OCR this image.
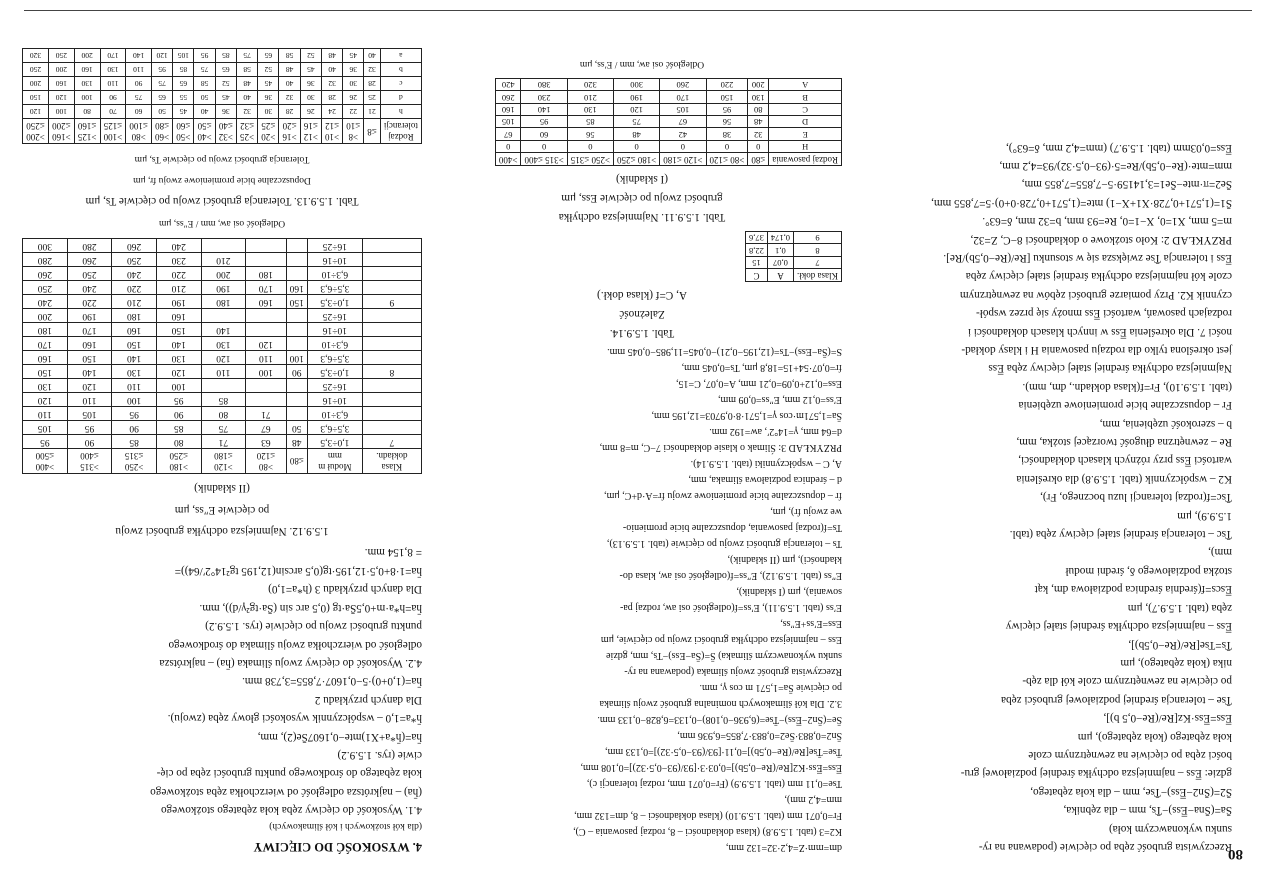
80

Rzeczywista grubość zęba po cięciwie (podawana na ry-

sunku wykonawczym koła)

S̄a=(S̄na−E̅ss)−T̄s, mm – dla zębnika,

S̄2=(S̄n2−E̅ss)−T̄se, mm – dla koła zębatego,

gdzie: E̅ss – najmniejsza odchyłka średniej podziałowej gru-

bości zęba po cięciwie na zewnętrznym czole

koła zębatego (koła zębatego), μm

E̅ss=E̅ss·Kz[Re/(Re−0,5 b)],

T̄se – tolerancja średniej podziałowej grubości zęba

po cięciwie na zewnętrznym czole kół dla zęb-

nika (koła zębatego), μm

T̄s=Tse[Re/(Re−0,5b)],

E̅ss – najmniejsza odchyłka średniej stałej cięciwy

zęba (tabl. 1.5.9.7), μm

E̅scs=f(średnia średnica podziałowa dm, kąt

stożka podziałowego δ, średni moduł

mm),

T̄sc – tolerancja średniej stałej cięciwy zęba (tabl.

1.5.9.9), μm

T̄sc=f(rodzaj tolerancji luzu bocznego, Fr),

K2 – współczynnik (tabl. 1.5.9.8) dla określenia

wartości E̅ss przy różnych klasach dokładności,

Re – zewnętrzna długość tworzącej stożka, mm,

b – szerokość uzębienia, mm,

Fr – dopuszczalne bicie promieniowe uzębienia

(tabl. 1.5.9.10), Fr=f(klasa dokładn., dm, mm).

Najmniejsza odchyłka średniej stałej cięciwy zęba E̅ss

jest określona tylko dla rodzaju pasowania H i klasy dokład-

ności 7. Dla określenia E̅ss w innych klasach dokładności i

rodzajach pasowań, wartości E̅ss mnoży się przez współ-

czynnik K2. Przy pomiarze grubości zębów na zewnętrznym

czole kół najmniejsza odchyłka średniej stałej cięciwy zęba

E̅ss i tolerancja T̄se zwiększa się w stosunku [Re/(Re−0,5b)/Re].

PRZYKŁAD 2: Koło stożkowe o dokładności 8−C, Z=32,

m=5 mm, X1=0, X−1=0, Re=93 mm, b=32 mm, δ=63°.

S̄1=(1,571+0,728·X1+X−1) mte=(1,571+0,728·0+0)·5=7,855 mm,

S̄e2=π·mte−S̄e1=3,14159·5−7,855=7,855 mm,

mm=mte·(Re−0,5b)/Re=5·(93−0,5·32)/93=4,2 mm,

E̅ss=0,03mm (tabl. 1.5.9.7) (mm=4,2 mm, δ=63°),

dm=mm·Z=4,2·32=132 mm,

K2=3 (tabl. 1.5.9.8) (klasa dokładności – 8, rodzaj pasowania – C),

Fr=0,071 mm (tabl. 1.5.9.10) (klasa dokładności – 8, dm=132 mm,

mm=4,2 mm),

Tse=0,11 mm (tabl. 1.5.9.9) (Fr=0,071 mm, rodzaj tolerancji c),

E̅ss=E̅ss·K2[Re/(Re−0,5b)]=0,03·3·[93/(93−0,5·32)]=0,108 mm,

T̄se=T̄se[Re/(Re−0,5b)]=0,11·[93/(93−0,5·32)]=0,133 mm,

S̄n2=0,883·S̄e2=0,883·7,855=6,936 mm,

S̄e=(S̄n2−E̅ss)−T̄se=(6,936−0,108)−0,133=6,828−0,133 mm.

3.2. Dla kół ślimakowych nominalna grubość zwoju ślimaka

po cięciwie S̄a=1,571 m cos γ, mm.

Rzeczywista grubość zwoju ślimaka (podawana na ry-

sunku wykonawczym ślimaka) S̄=(S̄a−Ess)−Ts, mm, gdzie

Ess – najmniejsza odchyłka grubości zwoju po cięciwie, μm

Ess=E′ss+E″ss,

E′ss (tabl. 1.5.9.11), E′ss=f(odległość osi aw, rodzaj pa-

sowania), μm (I składnik),

E″ss (tabl. 1.5.9.12), E″ss=f(odległość osi aw, klasa do-

kładności), μm (II składnik),

Ts – tolerancja grubości zwoju po cięciwie (tabl. 1.5.9.13),

Ts=f(rodzaj pasowania, dopuszczalne bicie promienio-

we zwoju fr), μm,

fr – dopuszczalne bicie promieniowe zwoju fr=A·d+C, μm,

d – średnica podziałowa ślimaka, mm,

A, C – współczynniki (tabl. 1.5.9.14).

PRZYKŁAD 3: Ślimak o klasie dokładności 7−C, m=8 mm,

d=64 mm, γ=14°2′, aw=192 mm.

S̄a=1,571m·cos γ=1,571·8·0,9703=12,195 mm,

E′ss=0,12 mm, E″ss=0,09 mm,

Ess=0,12+0,09=0,21 mm, A=0,07, C=15,

fr=0,07·54+15=18,8 μm, Ts=0,045 mm,

S=(S̄a−Ess)−Ts=(12,195−0,21)−0,045=11,985−0,045 mm.

Tabl. 1.5.9.14.
Zależność
A, C=f (klasa dokł.)
Klasa dokł.	A	C
7	0,07	15
8	0,1	22,8
9	0,174	37,6
Tabl. 1.5.9.11. Najmniejsza odchyłka
grubości zwoju po cięciwie Ess, μm
(I składnik)
Rodzaj pasowania	≤80	>80 ≤120	>120 ≤180	>180 ≤250	>250 ≤315	>315 ≤400	>400
H	0	0	0	0	0	0	0
E	32	38	42	48	56	60	67
D	48	56	67	75	85	95	105
C	80	95	105	120	130	140	160
B	130	150	170	190	210	230	260
A	200	220	260	300	320	380	420
Odległość osi aw, mm / E′ss, μm
4. WYSOKOŚĆ DO CIĘCIWY
(dla kół stożkowych i kół ślimakowych)

4.1. Wysokość do cięciwy zęba koła zębatego stożkowego

(h̄a) – najkrótsza odległość od wierzchołka zęba stożkowego

koła zębatego do środkowego punktu grubości zęba po cię-

ciwie (rys. 1.5.9.2)

h̄a=(h̄*a+X1)mte−0,1607S̄e(2), mm,

h̄*a=1,0 – współczynnik wysokości głowy zęba (zwoju).

Dla danych przykładu 2

h̄a=(1,0+0)·5−0,1607·7,855=3,738 mm.

4.2. Wysokość do cięciwy zwoju ślimaka (h̄a) – najkrótsza

odległość od wierzchołka zwoju ślimaka do środkowego

punktu grubości zwoju po cięciwie (rys. 1.5.9.2)

h̄a=h*a·m+0,5S̄a·tg (0,5 arc sin (S̄a·tg²γ/d)), mm.

Dla danych przykładu 3 (h*a=1,0)

h̄a=1·8+0,5·12,195·tg(0,5 arcsin(12,195 tg²14°2′/64))=

= 8,154 mm.

1.5.9.12. Najmniejsza odchyłka grubości zwoju
po cięciwie E″ss, μm
(II składnik)
Klasa dokładn.	Moduł m mm	≤80	>80 ≤120	>120 ≤180	>180 ≤250	>250 ≤315	>315 ≤400	>400 ≤500
7	1,0÷3,5	48	63	71	80	85	90	95
	3,5÷6,3	50	67	75	85	90	95	105
	6,3÷10		71	80	90	95	105	110
	10÷16			85	95	100	110	120
	16÷25				100	110	120	130
8	1,0÷3,5	90	100	110	120	130	140	150
	3,5÷6,3	100	110	120	130	140	150	160
	6,3÷10		120	130	140	150	160	170
	10÷16			140	150	160	170	180
	16÷25				160	180	190	200
9	1,0÷3,5	150	160	180	190	210	220	240
	3,5÷6,3	160	170	190	210	220	240	250
	6,3÷10		180	200	220	240	250	260
	10÷16			210	230	250	260	280
	16÷25				240	260	280	300
Odległość osi aw, mm / E″ss, μm
Tabl. 1.5.9.13. Tolerancja grubości zwoju po cięciwie Ts, μm
Dopuszczalne bicie promieniowe zwoju fr, μm
Tolerancja grubości zwoju po cięciwie Ts, μm
Rodzaj tolerancji	≤8	>8 ≤10	>10 ≤12	>12 ≤16	>16 ≤20	>20 ≤25	>25 ≤32	>32 ≤40	>40 ≤50	>50 ≤60	>60 ≤80	>80 ≤100	>100 ≤125	>125 ≤160	>160 ≤200	>200 ≤250
h	21	22	24	26	28	30	32	36	40	45	50	60	70	80	100	120
d	25	26	28	30	32	36	40	45	50	55	65	75	90	100	120	150
c	28	30	32	36	40	45	48	52	58	65	75	90	110	130	160	200
b	32	36	40	45	48	52	58	65	75	85	95	110	130	160	200	250
a	40	45	48	52	58	65	75	85	95	105	120	140	170	200	250	320
